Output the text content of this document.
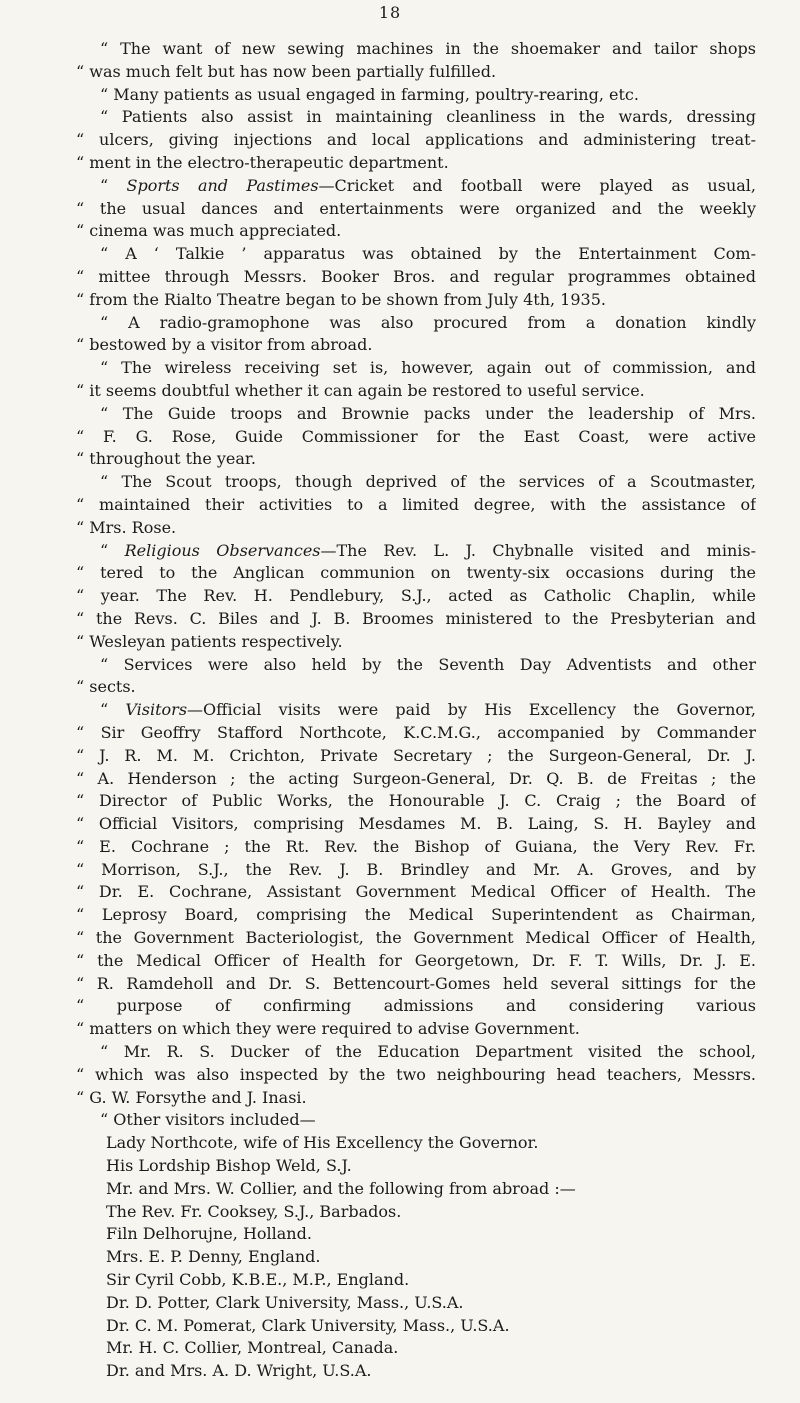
18
“ The want of new sewing machines in the shoemaker and tailor shops
“ was much felt but has now been partially fulfilled.
“ Many patients as usual engaged in farming, poultry-rearing, etc.
“ Patients also assist in maintaining cleanliness in the wards, dressing
“ ulcers, giving injections and local applications and administering treat-
“ ment in the electro-therapeutic department.
“ Sports and Pastimes—Cricket and football were played as usual,
“ the usual dances and entertainments were organized and the weekly
“ cinema was much appreciated.
“ A ‘ Talkie ’ apparatus was obtained by the Entertainment Com-
“ mittee through Messrs. Booker Bros. and regular programmes obtained
“ from the Rialto Theatre began to be shown from July 4th, 1935.
“ A radio-gramophone was also procured from a donation kindly
“ bestowed by a visitor from abroad.
“ The wireless receiving set is, however, again out of commission, and
“ it seems doubtful whether it can again be restored to useful service.
“ The Guide troops and Brownie packs under the leadership of Mrs.
“ F. G. Rose, Guide Commissioner for the East Coast, were active
“ throughout the year.
“ The Scout troops, though deprived of the services of a Scoutmaster,
“ maintained their activities to a limited degree, with the assistance of
“ Mrs. Rose.
“ Religious Observances—The Rev. L. J. Chybnalle visited and minis-
“ tered to the Anglican communion on twenty-six occasions during the
“ year. The Rev. H. Pendlebury, S.J., acted as Catholic Chaplin, while
“ the Revs. C. Biles and J. B. Broomes ministered to the Presbyterian and
“ Wesleyan patients respectively.
“ Services were also held by the Seventh Day Adventists and other
“ sects.
“ Visitors—Official visits were paid by His Excellency the Governor,
“ Sir Geoffry Stafford Northcote, K.C.M.G., accompanied by Commander
“ J. R. M. M. Crichton, Private Secretary ; the Surgeon-General, Dr. J.
“ A. Henderson ; the acting Surgeon-General, Dr. Q. B. de Freitas ; the
“ Director of Public Works, the Honourable J. C. Craig ; the Board of
“ Official Visitors, comprising Mesdames M. B. Laing, S. H. Bayley and
“ E. Cochrane ; the Rt. Rev. the Bishop of Guiana, the Very Rev. Fr.
“ Morrison, S.J., the Rev. J. B. Brindley and Mr. A. Groves, and by
“ Dr. E. Cochrane, Assistant Government Medical Officer of Health. The
“ Leprosy Board, comprising the Medical Superintendent as Chairman,
“ the Government Bacteriologist, the Government Medical Officer of Health,
“ the Medical Officer of Health for Georgetown, Dr. F. T. Wills, Dr. J. E.
“ R. Ramdeholl and Dr. S. Bettencourt-Gomes held several sittings for the
“ purpose of confirming admissions and considering various
“ matters on which they were required to advise Government.
“ Mr. R. S. Ducker of the Education Department visited the school,
“ which was also inspected by the two neighbouring head teachers, Messrs.
“ G. W. Forsythe and J. Inasi.
“ Other visitors included—
Lady Northcote, wife of His Excellency the Governor.
His Lordship Bishop Weld, S.J.
Mr. and Mrs. W. Collier, and the following from abroad :—
The Rev. Fr. Cooksey, S.J., Barbados.
Filn Delhorujne, Holland.
Mrs. E. P. Denny, England.
Sir Cyril Cobb, K.B.E., M.P., England.
Dr. D. Potter, Clark University, Mass., U.S.A.
Dr. C. M. Pomerat, Clark University, Mass., U.S.A.
Mr. H. C. Collier, Montreal, Canada.
Dr. and Mrs. A. D. Wright, U.S.A.
